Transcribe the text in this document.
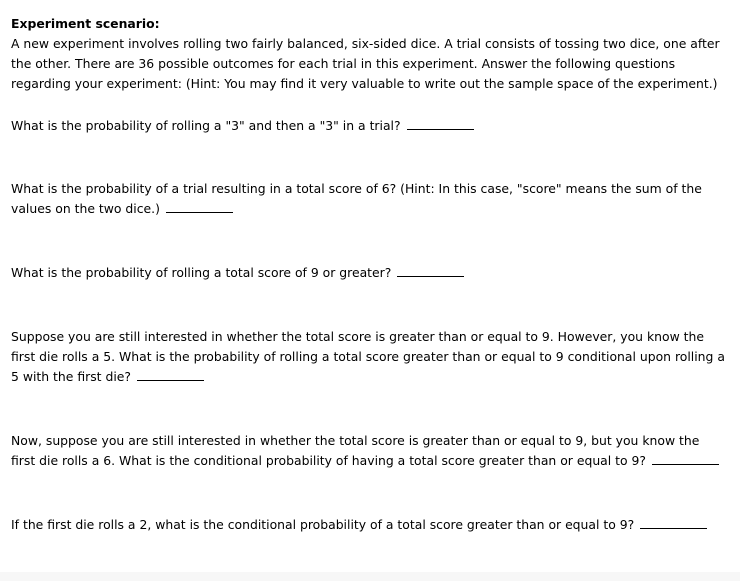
Experiment scenario:

A new experiment involves rolling two fairly balanced, six-sided dice. A trial consists of tossing two dice, one after the other. There are 36 possible outcomes for each trial in this experiment. Answer the following questions regarding your experiment: (Hint: You may find it very valuable to write out the sample space of the experiment.)

What is the probability of rolling a "3" and then a "3" in a trial?

What is the probability of a trial resulting in a total score of 6? (Hint: In this case, "score" means the sum of the values on the two dice.)

What is the probability of rolling a total score of 9 or greater?

Suppose you are still interested in whether the total score is greater than or equal to 9. However, you know the first die rolls a 5. What is the probability of rolling a total score greater than or equal to 9 conditional upon rolling a 5 with the first die?

Now, suppose you are still interested in whether the total score is greater than or equal to 9, but you know the first die rolls a 6. What is the conditional probability of having a total score greater than or equal to 9?

If the first die rolls a 2, what is the conditional probability of a total score greater than or equal to 9?
